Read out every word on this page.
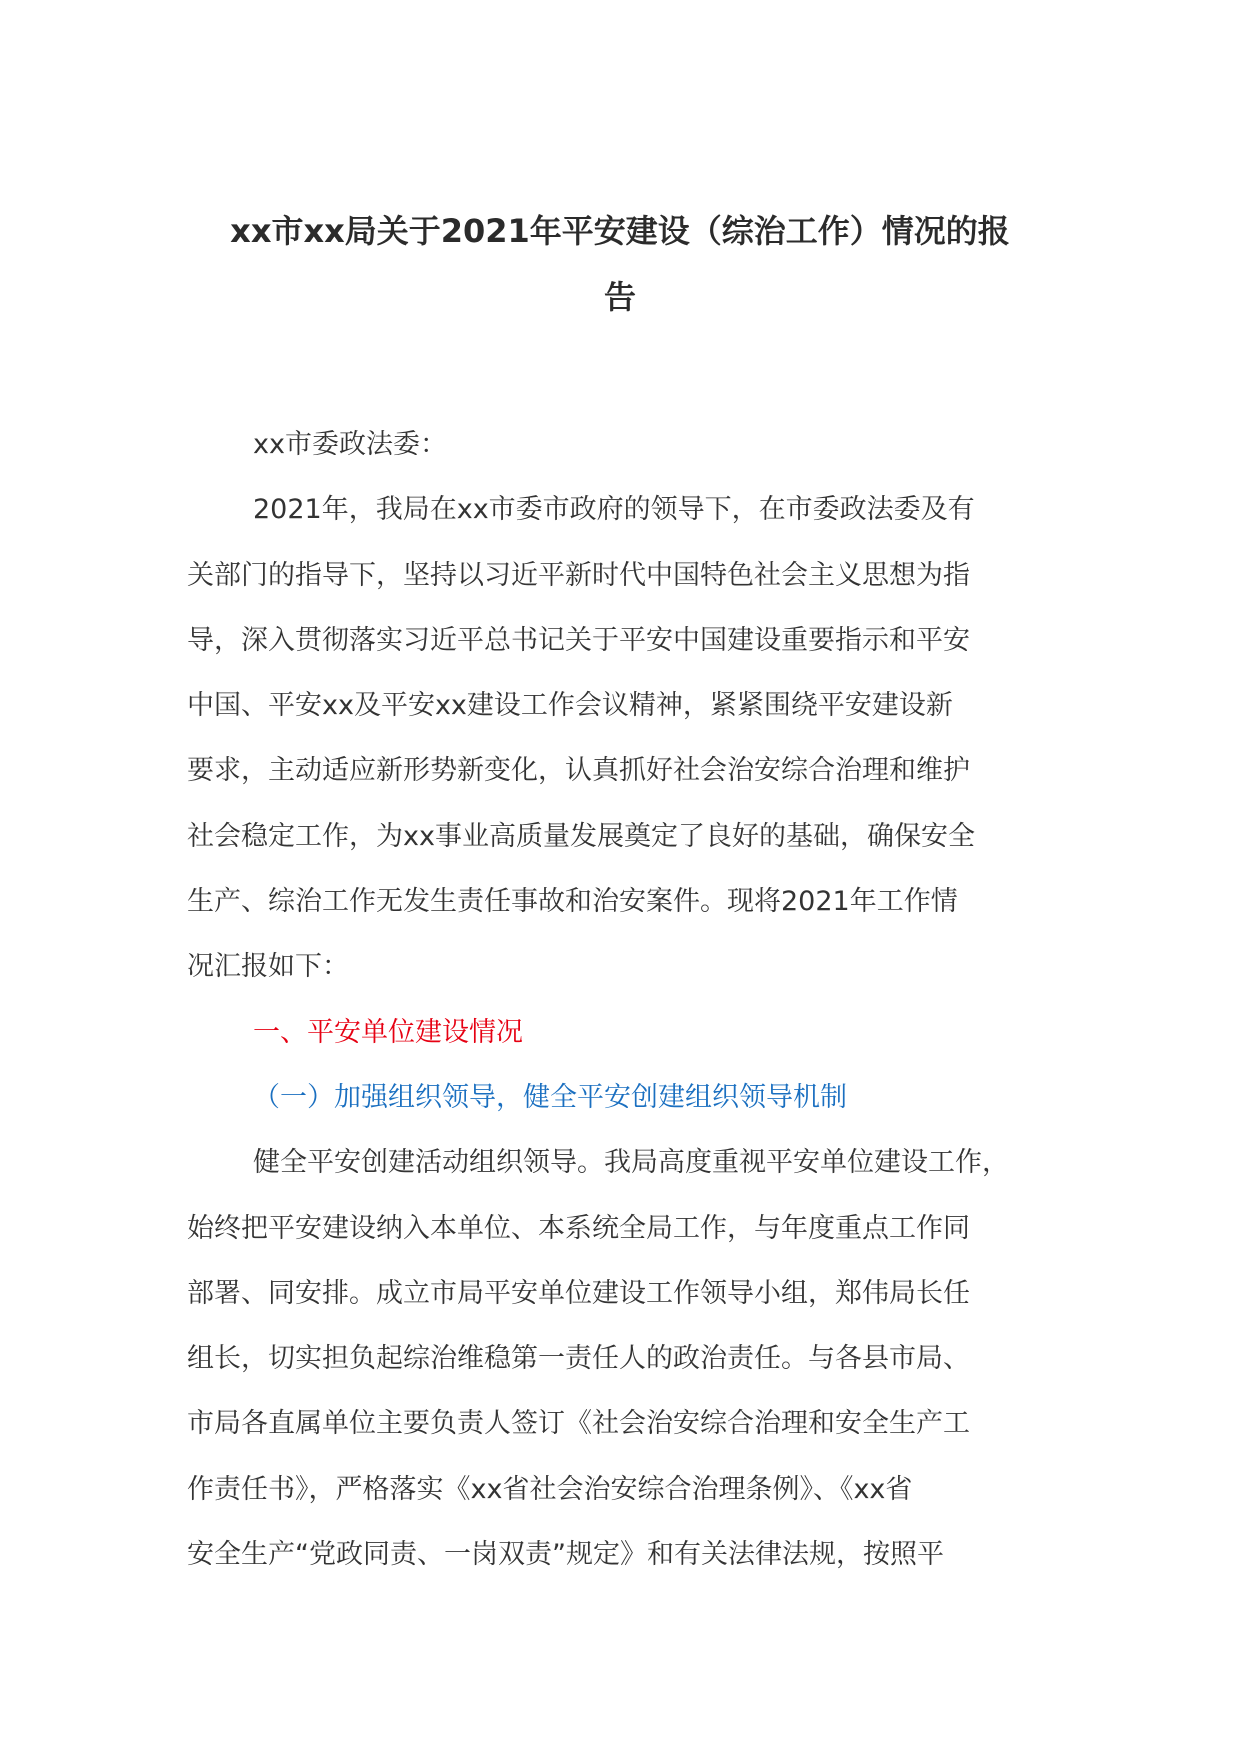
xx市xx局关于2021年平安建设（综治工作）情况的报
告
xx市委政法委：
2021年，我局在xx市委市政府的领导下，在市委政法委及有
关部门的指导下，坚持以习近平新时代中国特色社会主义思想为指
导，深入贯彻落实习近平总书记关于平安中国建设重要指示和平安
中国、平安xx及平安xx建设工作会议精神，紧紧围绕平安建设新
要求，主动适应新形势新变化，认真抓好社会治安综合治理和维护
社会稳定工作，为xx事业高质量发展奠定了良好的基础，确保安全
生产、综治工作无发生责任事故和治安案件。现将2021年工作情
况汇报如下：
一、平安单位建设情况
（一）加强组织领导，健全平安创建组织领导机制
健全平安创建活动组织领导。我局高度重视平安单位建设工作，
始终把平安建设纳入本单位、本系统全局工作，与年度重点工作同
部署、同安排。成立市局平安单位建设工作领导小组，郑伟局长任
组长，切实担负起综治维稳第一责任人的政治责任。与各县市局、
市局各直属单位主要负责人签订《社会治安综合治理和安全生产工
作责任书》，严格落实《xx省社会治安综合治理条例》、《xx省
安全生产“党政同责、一岗双责”规定》和有关法律法规，按照平
